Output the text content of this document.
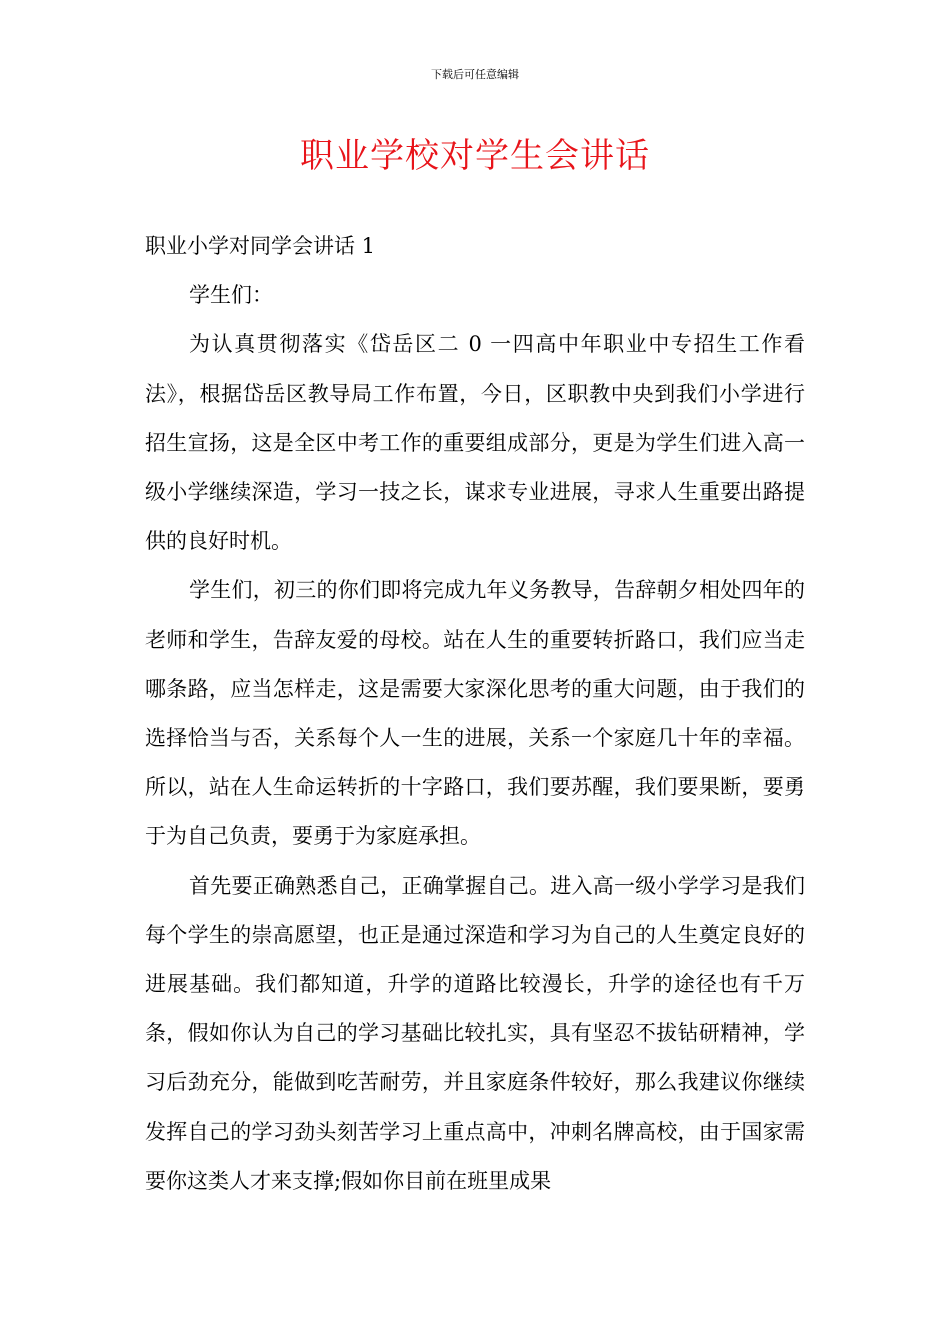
下载后可任意编辑
职业学校对学生会讲话

职业小学对同学会讲话 1

学生们：

为认真贯彻落实《岱岳区二 0 一四高中年职业中专招生工作看法》，根据岱岳区教导局工作布置，今日，区职教中央到我们小学进行招生宣扬，这是全区中考工作的重要组成部分，更是为学生们进入高一级小学继续深造，学习一技之长，谋求专业进展，寻求人生重要出路提供的良好时机。

学生们，初三的你们即将完成九年义务教导，告辞朝夕相处四年的老师和学生，告辞友爱的母校。站在人生的重要转折路口，我们应当走哪条路，应当怎样走，这是需要大家深化思考的重大问题，由于我们的选择恰当与否，关系每个人一生的进展，关系一个家庭几十年的幸福。所以，站在人生命运转折的十字路口，我们要苏醒，我们要果断，要勇于为自己负责，要勇于为家庭承担。

首先要正确熟悉自己，正确掌握自己。进入高一级小学学习是我们每个学生的崇高愿望，也正是通过深造和学习为自己的人生奠定良好的进展基础。我们都知道，升学的道路比较漫长，升学的途径也有千万条，假如你认为自己的学习基础比较扎实，具有坚忍不拔钻研精神，学习后劲充分，能做到吃苦耐劳，并且家庭条件较好，那么我建议你继续发挥自己的学习劲头刻苦学习上重点高中，冲刺名牌高校，由于国家需要你这类人才来支撑;假如你目前在班里成果
